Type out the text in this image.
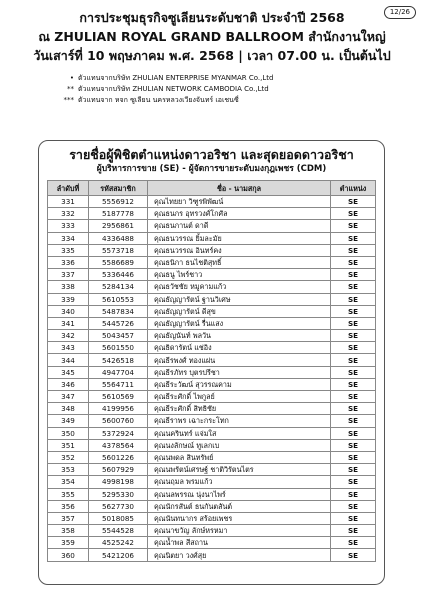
12/26
การประชุมธุรกิจซูเลียนระดับชาติ ประจำปี 2568
ณ ZHULIAN ROYAL GRAND BALLROOM สำนักงานใหญ่
วันเสาร์ที่ 10 พฤษภาคม พ.ศ. 2568 | เวลา 07.00 น. เป็นต้นไป
• ตัวแทนจากบริษัท ZHULIAN ENTERPRISE MYANMAR Co.,Ltd
** ตัวแทนจากบริษัท ZHULIAN NETWORK CAMBODIA Co.,Ltd
*** ตัวแทนจาก หจก ซูเลียน นครหลวงเวียงจันทร์ เอเชนซี่
รายชื่อผู้พิชิตตำแหน่งดาวอริชา และสุดยอดดาวอริชา
ผู้บริหารการขาย (SE) - ผู้จัดการขายระดับมงกุฎเพชร (CDM)
ลำดับที่	รหัสสมาชิก	ชื่อ - นามสกุล	ตำแหน่ง
331	5556912	คุณไทยยา วิฑูรพิพัฒน์	SE
332	5187778	คุณธนกร อุทรวงศ์โกศัล	SE
333	2956861	คุณธนกานต์ ดาดี	SE
334	4336488	คุณธนวรรณ ยิ้มละมัย	SE
335	5573718	คุณธนวรรณ อินทร์คง	SE
336	5586689	คุณธนิกา ธนไชติสุทธิ์	SE
337	5336446	คุณธนู ไพร์ชาว	SE
338	5284134	คุณธวัชชัย หมูคามแก้ว	SE
339	5610553	คุณธัญญารัตน์ ฐานวิเศษ	SE
340	5487834	คุณธัญญารัตน์ ดีสุข	SE
341	5445726	คุณธัญญารัตน์ รื่นแสง	SE
342	5043457	คุณธัญนันท์ พลวัน	SE
343	5601550	คุณธิดารัตน์ แช่อิง	SE
344	5426518	คุณธีรพงศ์ ทองแผ่น	SE
345	4947704	คุณธีรภัทร บุตรปรีชา	SE
346	5564711	คุณธีระวัฒน์ สุวรรณคาม	SE
347	5610569	คุณธีระศักดิ์ ไพกูลย์	SE
348	4199956	คุณธีระศักดิ์ สิทธิชัย	SE
349	5600760	คุณธีราพร เฉาะกระโทก	SE
350	5372924	คุณนครินทร์ แจ่มใส	SE
351	4378564	คุณนงลักษณ์ ทูเลกเบ	SE
352	5601226	คุณนพดล สินทรัพย์	SE
353	5607929	คุณนพรัตน์เศรษฐ์ ชาติวิรัตนไตร	SE
354	4998198	คุณนฤมล พรมแก้ว	SE
355	5295330	คุณนลพรรณ นุ่งนาไพร์	SE
356	5627730	คุณนักรสันต์ ธนกันตสันต์	SE
357	5018085	คุณนันทนากร สร้อยเพชร	SE
358	5544528	คุณนาขวัญ ลักษ์หรหมา	SE
359	4525242	คุณน้ำพล สีสถาน	SE
360	5421206	คุณนิตยา วงศ์สุย	SE
